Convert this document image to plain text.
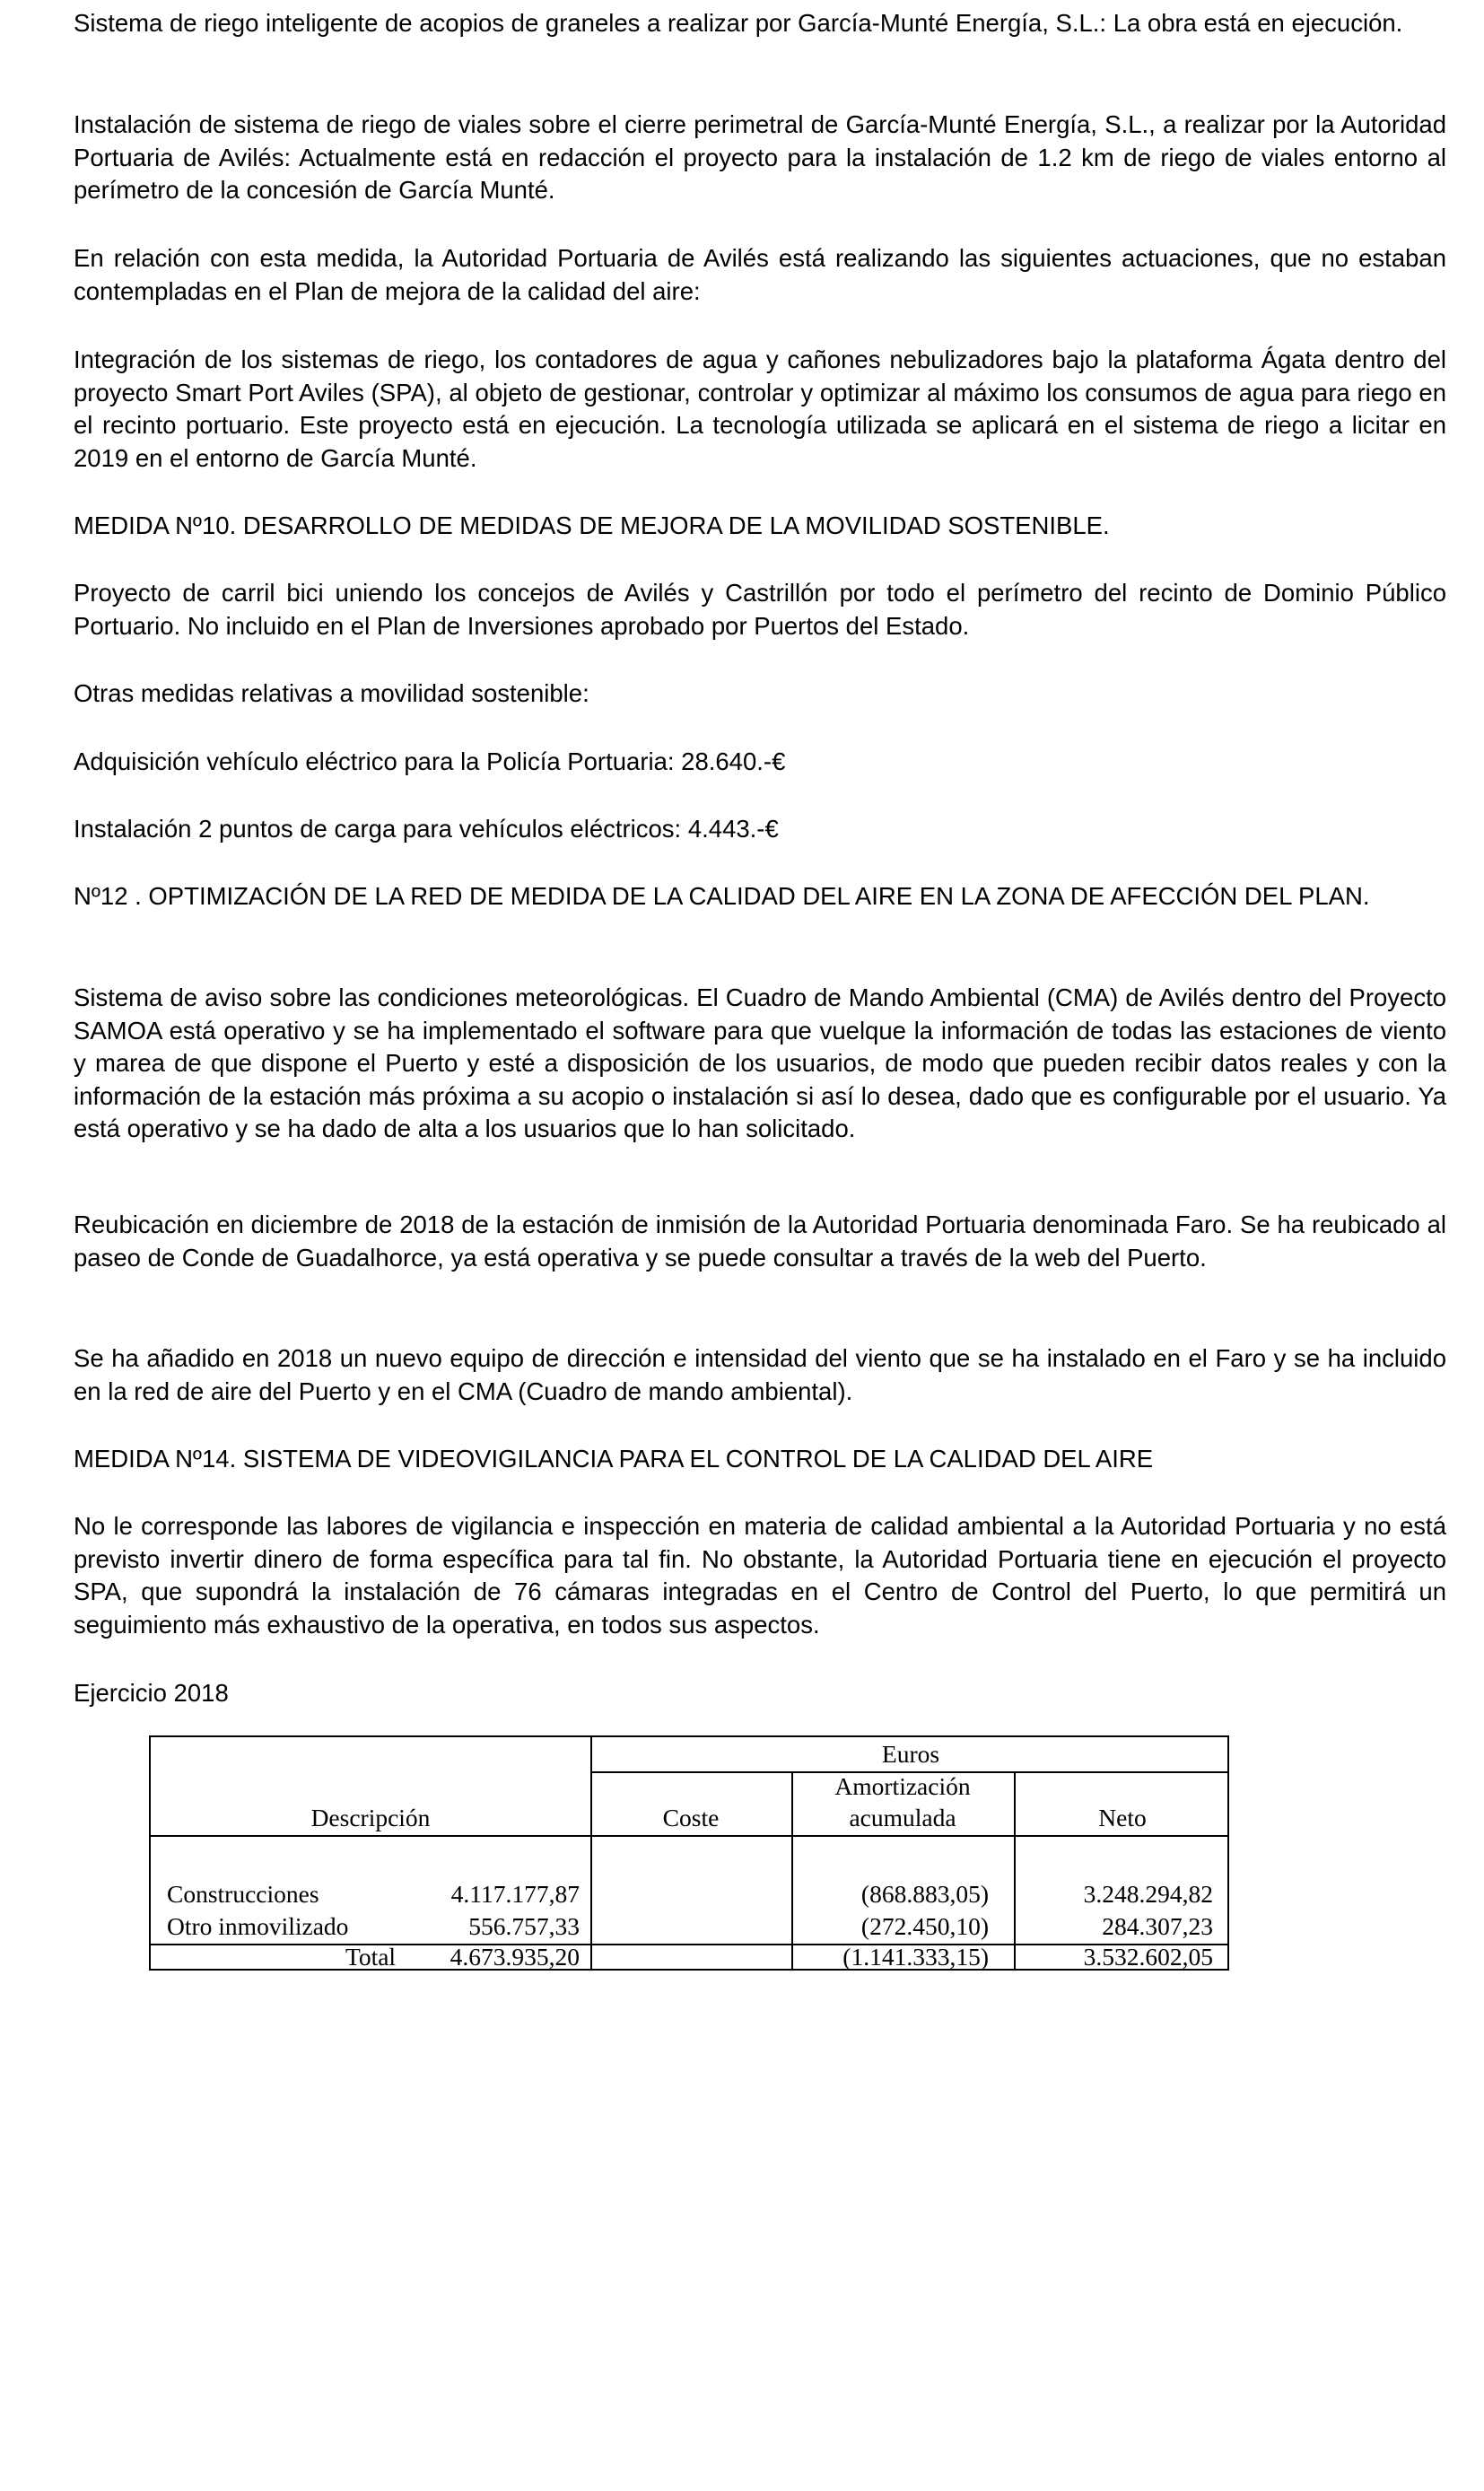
Sistema de riego inteligente de acopios de graneles a realizar por García-Munté Energía, S.L.: La obra está en ejecución.

Instalación de sistema de riego de viales sobre el cierre perimetral de García-Munté Energía, S.L., a realizar por la Autoridad Portuaria de Avilés: Actualmente está en redacción el proyecto para la instalación de 1.2 km de riego de viales entorno al perímetro de la concesión de García Munté.

En relación con esta medida, la Autoridad Portuaria de Avilés está realizando las siguientes actuaciones, que no estaban contempladas en el Plan de mejora de la calidad del aire:

Integración de los sistemas de riego, los contadores de agua y cañones nebulizadores bajo la plataforma Ágata dentro del proyecto Smart Port Aviles (SPA), al objeto de gestionar, controlar y optimizar al máximo los consumos de agua para riego en el recinto portuario. Este proyecto está en ejecución. La tecnología utilizada se aplicará en el sistema de riego a licitar en 2019 en el entorno de García Munté.

MEDIDA Nº10. DESARROLLO DE MEDIDAS DE MEJORA DE LA MOVILIDAD SOSTENIBLE.

Proyecto de carril bici uniendo los concejos de Avilés y Castrillón por todo el perímetro del recinto de Dominio Público Portuario. No incluido en el Plan de Inversiones aprobado por Puertos del Estado.

Otras medidas relativas a movilidad sostenible:

Adquisición vehículo eléctrico para la Policía Portuaria: 28.640.-€

Instalación 2 puntos de carga para vehículos eléctricos: 4.443.-€

Nº12 . OPTIMIZACIÓN DE LA RED DE MEDIDA DE LA CALIDAD DEL AIRE EN LA ZONA DE AFECCIÓN DEL PLAN.

Sistema de aviso sobre las condiciones meteorológicas. El Cuadro de Mando Ambiental (CMA) de Avilés dentro del Proyecto SAMOA está operativo y se ha implementado el software para que vuelque la información de todas las estaciones de viento y marea de que dispone el Puerto y esté a disposición de los usuarios, de modo que pueden recibir datos reales y con la información de la estación más próxima a su acopio o instalación si así lo desea, dado que es configurable por el usuario. Ya está operativo y se ha dado de alta a los usuarios que lo han solicitado.

Reubicación en diciembre de 2018 de la estación de inmisión de la Autoridad Portuaria denominada Faro. Se ha reubicado al paseo de Conde de Guadalhorce, ya está operativa y se puede consultar a través de la web del Puerto.

Se ha añadido en 2018 un nuevo equipo de dirección e intensidad del viento que se ha instalado en el Faro y se ha incluido en la red de aire del Puerto y en el CMA (Cuadro de mando ambiental).

MEDIDA Nº14. SISTEMA DE VIDEOVIGILANCIA PARA EL CONTROL DE LA CALIDAD DEL AIRE

No le corresponde las labores de vigilancia e inspección en materia de calidad ambiental a la Autoridad Portuaria y no está previsto invertir dinero de forma específica para tal fin. No obstante, la Autoridad Portuaria tiene en ejecución el proyecto SPA, que supondrá la instalación de 76 cámaras integradas en el Centro de Control del Puerto, lo que permitirá un seguimiento más exhaustivo de la operativa, en todos sus aspectos.

Ejercicio 2018

Euros
Descripción	Coste
Amortización
acumulada	Neto
Construcciones	4.117.177,87	(868.883,05)	3.248.294,82
Otro inmovilizado	556.757,33	(272.450,10)	284.307,23
Total	4.673.935,20	(1.141.333,15)	3.532.602,05
